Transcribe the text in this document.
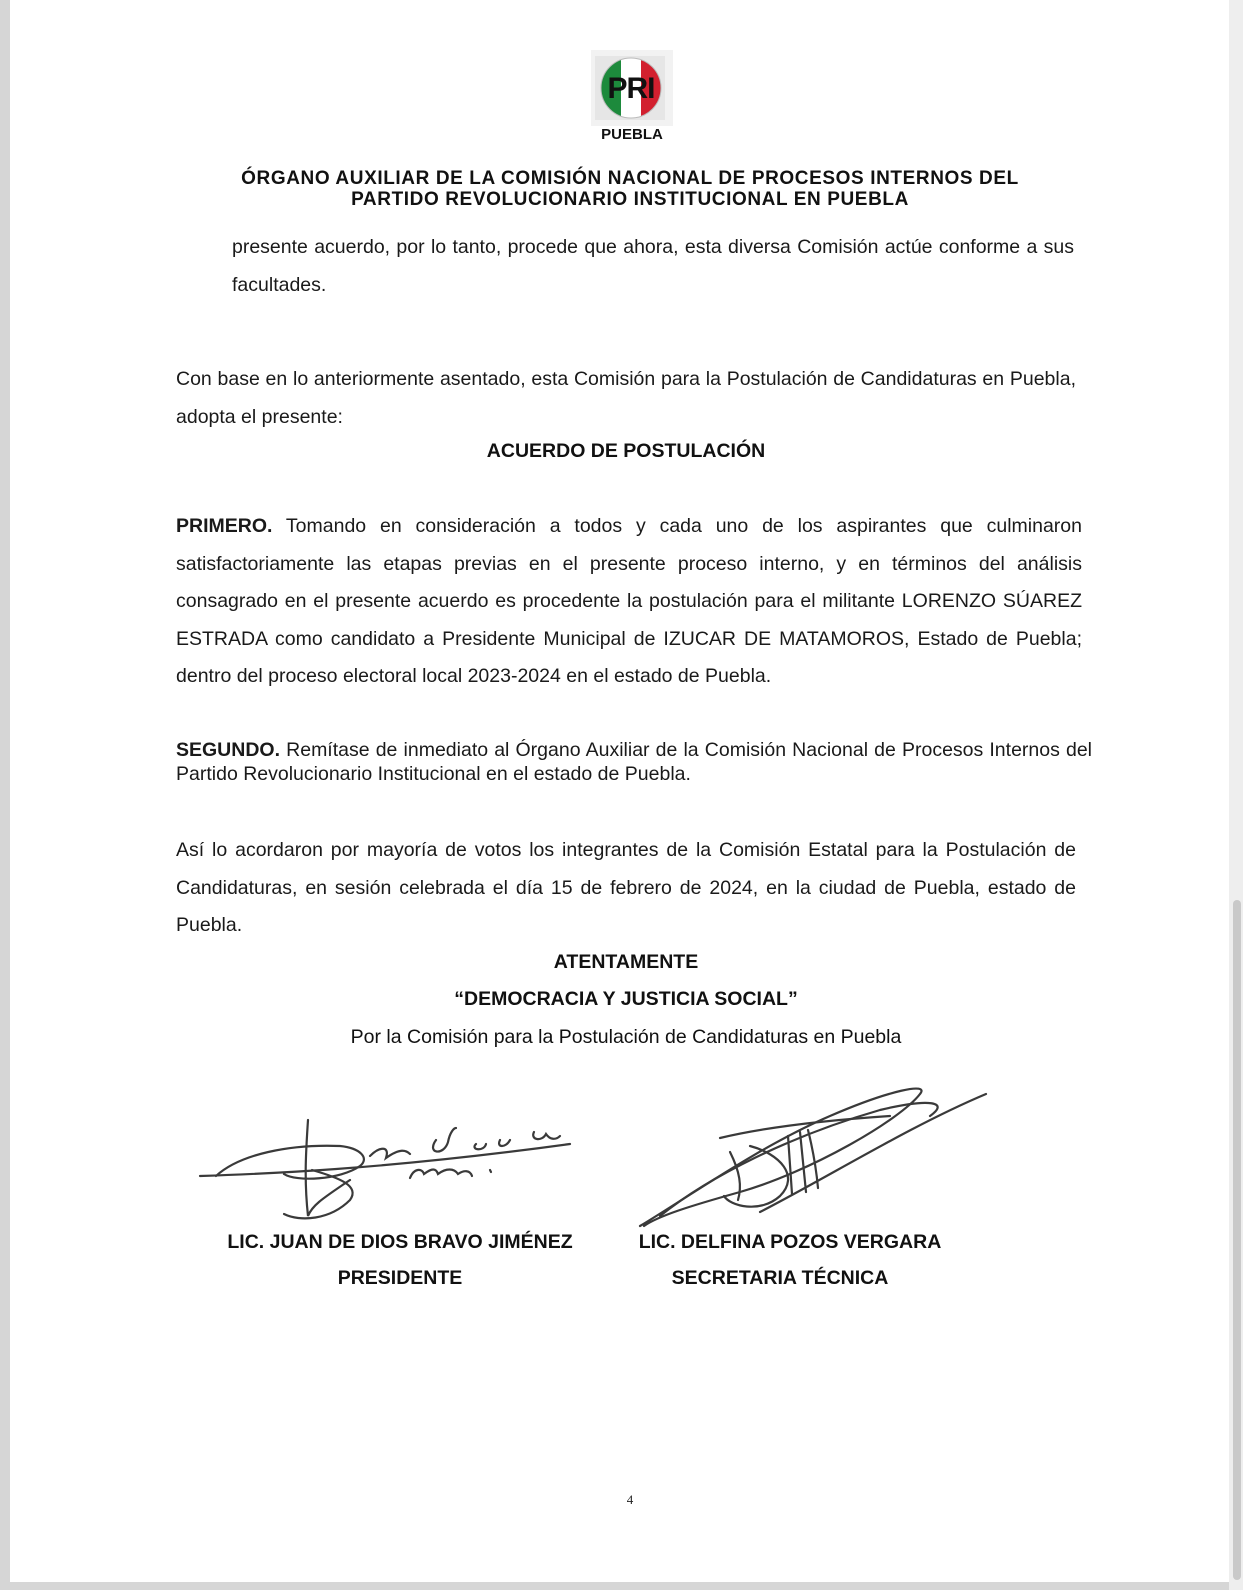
PRI
PUEBLA
ÓRGANO AUXILIAR DE LA COMISIÓN NACIONAL DE PROCESOS INTERNOS DEL
PARTIDO REVOLUCIONARIO INSTITUCIONAL EN PUEBLA

presente acuerdo, por lo tanto, procede que ahora, esta diversa Comisión actúe conforme a sus facultades.

Con base en lo anteriormente asentado, esta Comisión para la Postulación de Candidaturas en Puebla, adopta el presente:

ACUERDO DE POSTULACIÓN

PRIMERO. Tomando en consideración a todos y cada uno de los aspirantes que culminaron satisfactoriamente las etapas previas en el presente proceso interno, y en términos del análisis consagrado en el presente acuerdo es procedente la postulación para el militante LORENZO SÚAREZ ESTRADA como candidato a Presidente Municipal de IZUCAR DE MATAMOROS, Estado de Puebla; dentro del proceso electoral local 2023-2024 en el estado de Puebla.

SEGUNDO. Remítase de inmediato al Órgano Auxiliar de la Comisión Nacional de Procesos Internos del Partido Revolucionario Institucional en el estado de Puebla.

Así lo acordaron por mayoría de votos los integrantes de la Comisión Estatal para la Postulación de Candidaturas, en sesión celebrada el día 15 de febrero de 2024, en la ciudad de Puebla, estado de Puebla.

ATENTAMENTE

“DEMOCRACIA Y JUSTICIA SOCIAL”

Por la Comisión para la Postulación de Candidaturas en Puebla

LIC. JUAN DE DIOS BRAVO JIMÉNEZ

PRESIDENTE

LIC. DELFINA POZOS VERGARA

SECRETARIA TÉCNICA

4
